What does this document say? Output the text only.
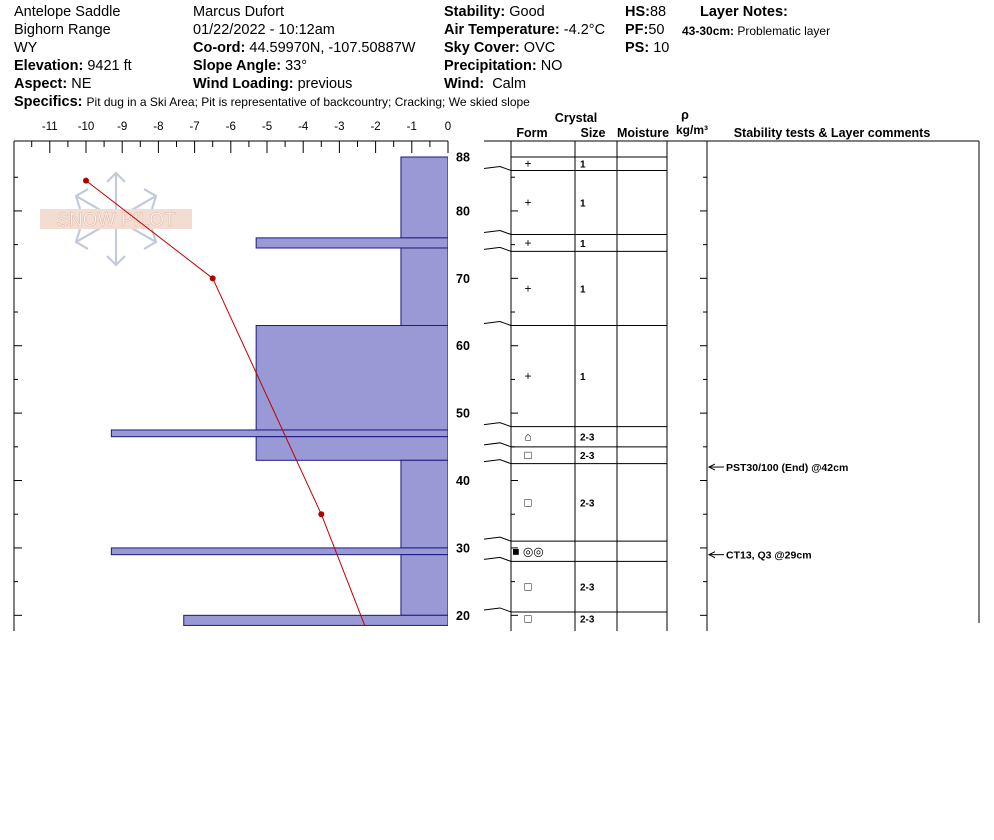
Antelope Saddle
Bighorn Range
WY
Elevation: 9421 ft
Aspect: NE
Marcus Dufort
01/22/2022 - 10:12am
Co-ord: 44.59970N, -107.50887W
Slope Angle: 33°
Wind Loading: previous
Stability: Good
Air Temperature: -4.2°C
Sky Cover: OVC
Precipitation: NO
Wind: Calm
HS:88
PF:50
PS: 10
Layer Notes:
43-30cm: Problematic layer
Specifics: Pit dug in a Ski Area; Pit is representative of backcountry; Cracking; We skied slope
SNOW PILOT
-11 -10 -9 -8 -7 -6 -5 -4 -3 -2 -1 0
88
80
70
60
50
40
30
20
+	1
+	1
+	1
+	1
+	1
⌂	2-3
□	2-3
□	2-3
■ ◎◎
□	2-3
□	2-3
PST30/100 (End) @42cm
CT13, Q3 @29cm
Crystal
Form	Size Moisture
ρ
kg/m³ Stability tests & Layer comments
